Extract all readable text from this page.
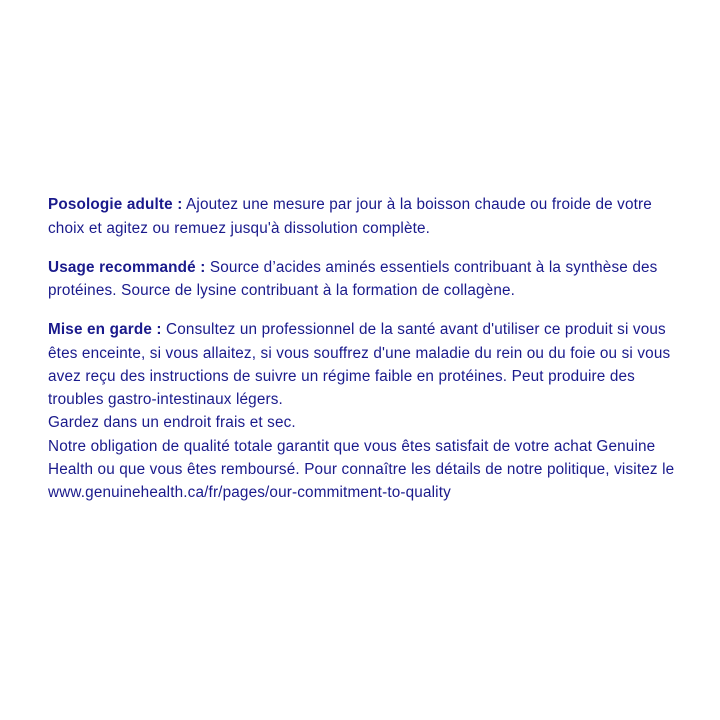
Posologie adulte : Ajoutez une mesure par jour à la boisson chaude ou froide de votre choix et agitez ou remuez jusqu'à dissolution complète.

Usage recommandé : Source d’acides aminés essentiels contribuant à la synthèse des protéines. Source de lysine contribuant à la formation de collagène.

Mise en garde : Consultez un professionnel de la santé avant d'utiliser ce produit si vous êtes enceinte, si vous allaitez, si vous souffrez d'une maladie du rein ou du foie ou si vous avez reçu des instructions de suivre un régime faible en protéines. Peut produire des troubles gastro-intestinaux légers.

Gardez dans un endroit frais et sec.

Notre obligation de qualité totale garantit que vous êtes satisfait de votre achat Genuine Health ou que vous êtes remboursé. Pour connaître les détails de notre politique, visitez le www.genuinehealth.ca/fr/pages/our-commitment-to-quality
